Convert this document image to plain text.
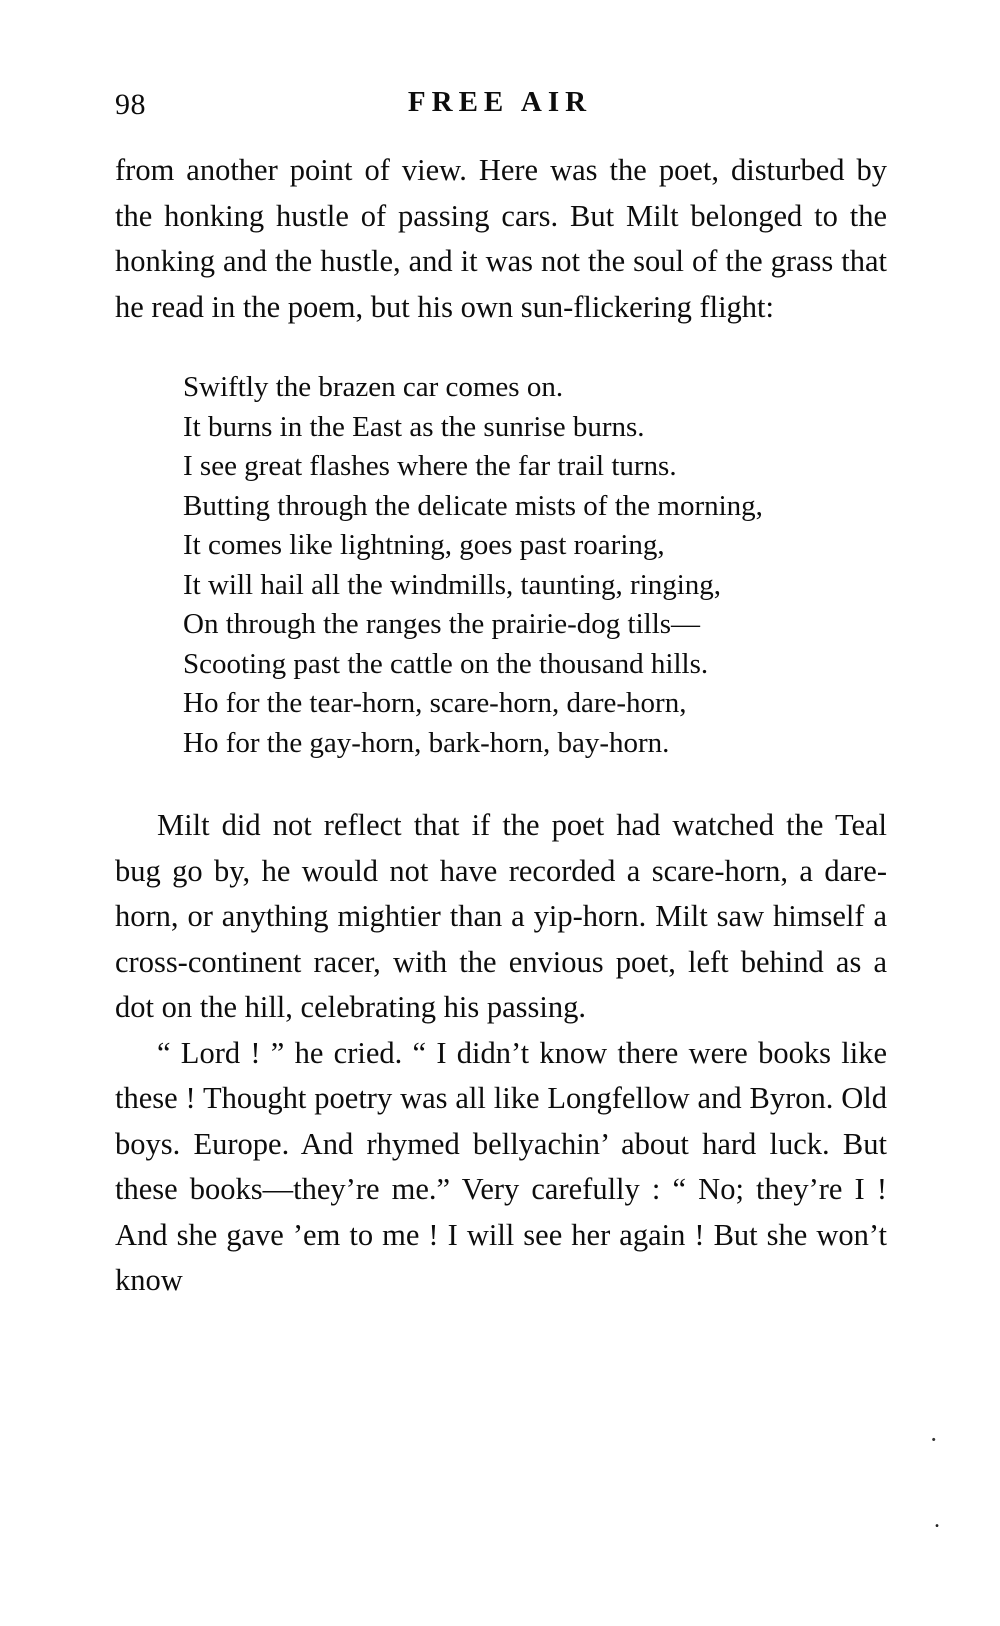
98	FREE AIR

from another point of view. Here was the poet, disturbed by the honking hustle of passing cars. But Milt belonged to the honking and the hustle, and it was not the soul of the grass that he read in the poem, but his own sun-flickering flight:

Swiftly the brazen car comes on.
It burns in the East as the sunrise burns.
I see great flashes where the far trail turns.
Butting through the delicate mists of the morning,
It comes like lightning, goes past roaring,
It will hail all the windmills, taunting, ringing,
On through the ranges the prairie-dog tills—
Scooting past the cattle on the thousand hills.
Ho for the tear-horn, scare-horn, dare-horn,
Ho for the gay-horn, bark-horn, bay-horn.

Milt did not reflect that if the poet had watched the Teal bug go by, he would not have recorded a scare-horn, a dare-horn, or anything mightier than a yip-horn. Milt saw himself a cross-continent racer, with the envious poet, left behind as a dot on the hill, celebrating his passing.

“ Lord ! ” he cried. “ I didn’t know there were books like these ! Thought poetry was all like Longfellow and Byron. Old boys. Europe. And rhymed bellyachin’ about hard luck. But these books—they’re me.” Very carefully : “ No; they’re I ! And she gave ’em to me ! I will see her again ! But she won’t know

.
·
